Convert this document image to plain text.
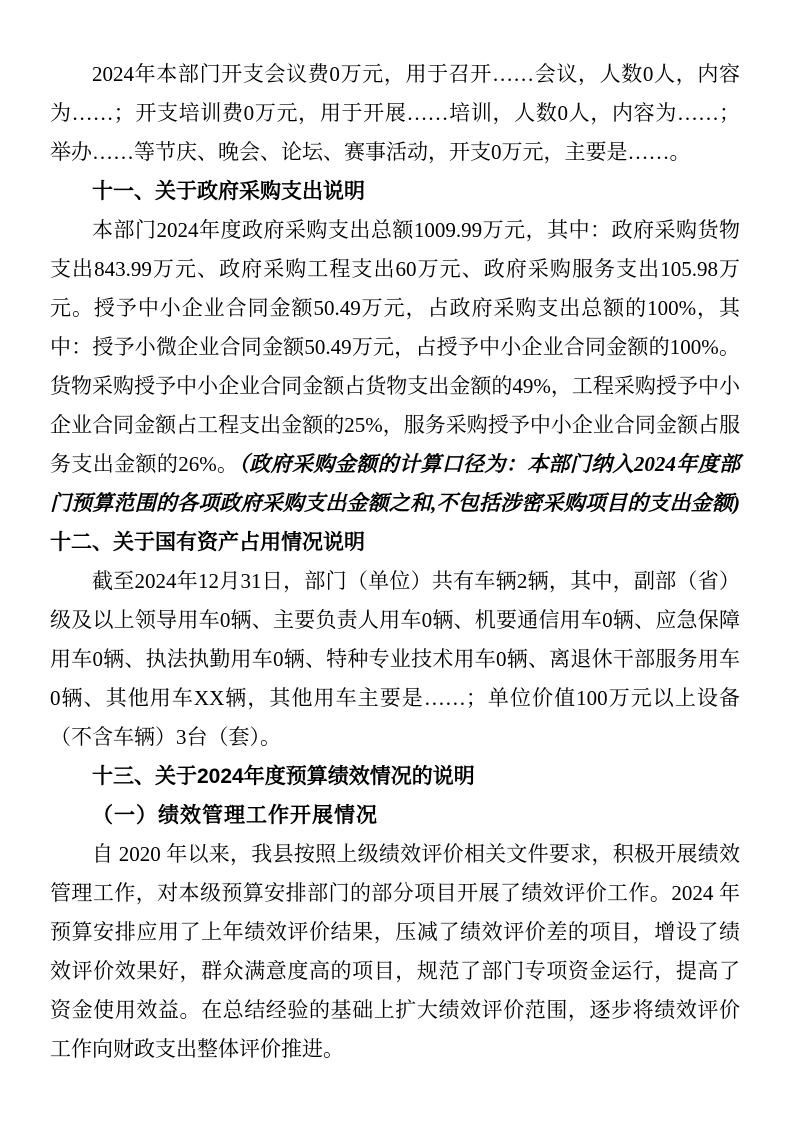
2024年本部门开支会议费0万元，用于召开……会议，人数0人，内容为……；开支培训费0万元，用于开展……培训，人数0人，内容为……；举办……等节庆、晚会、论坛、赛事活动，开支0万元，主要是……。

十一、关于政府采购支出说明

本部门2024年度政府采购支出总额1009.99万元，其中：政府采购货物支出843.99万元、政府采购工程支出60万元、政府采购服务支出105.98万元。授予中小企业合同金额50.49万元，占政府采购支出总额的100%，其中：授予小微企业合同金额50.49万元，占授予中小企业合同金额的100%。货物采购授予中小企业合同金额占货物支出金额的49%，工程采购授予中小企业合同金额占工程支出金额的25%，服务采购授予中小企业合同金额占服务支出金额的26%。（政府采购金额的计算口径为：本部门纳入2024年度部门预算范围的各项政府采购支出金额之和,不包括涉密采购项目的支出金额)十二、关于国有资产占用情况说明

截至2024年12月31日，部门（单位）共有车辆2辆，其中，副部（省）级及以上领导用车0辆、主要负责人用车0辆、机要通信用车0辆、应急保障用车0辆、执法执勤用车0辆、特种专业技术用车0辆、离退休干部服务用车0辆、其他用车XX辆，其他用车主要是……；单位价值100万元以上设备（不含车辆）3台（套）。

十三、关于2024年度预算绩效情况的说明

（一）绩效管理工作开展情况

自 2020 年以来，我县按照上级绩效评价相关文件要求，积极开展绩效管理工作，对本级预算安排部门的部分项目开展了绩效评价工作。2024 年预算安排应用了上年绩效评价结果，压减了绩效评价差的项目，增设了绩效评价效果好，群众满意度高的项目，规范了部门专项资金运行，提高了资金使用效益。在总结经验的基础上扩大绩效评价范围，逐步将绩效评价工作向财政支出整体评价推进。
